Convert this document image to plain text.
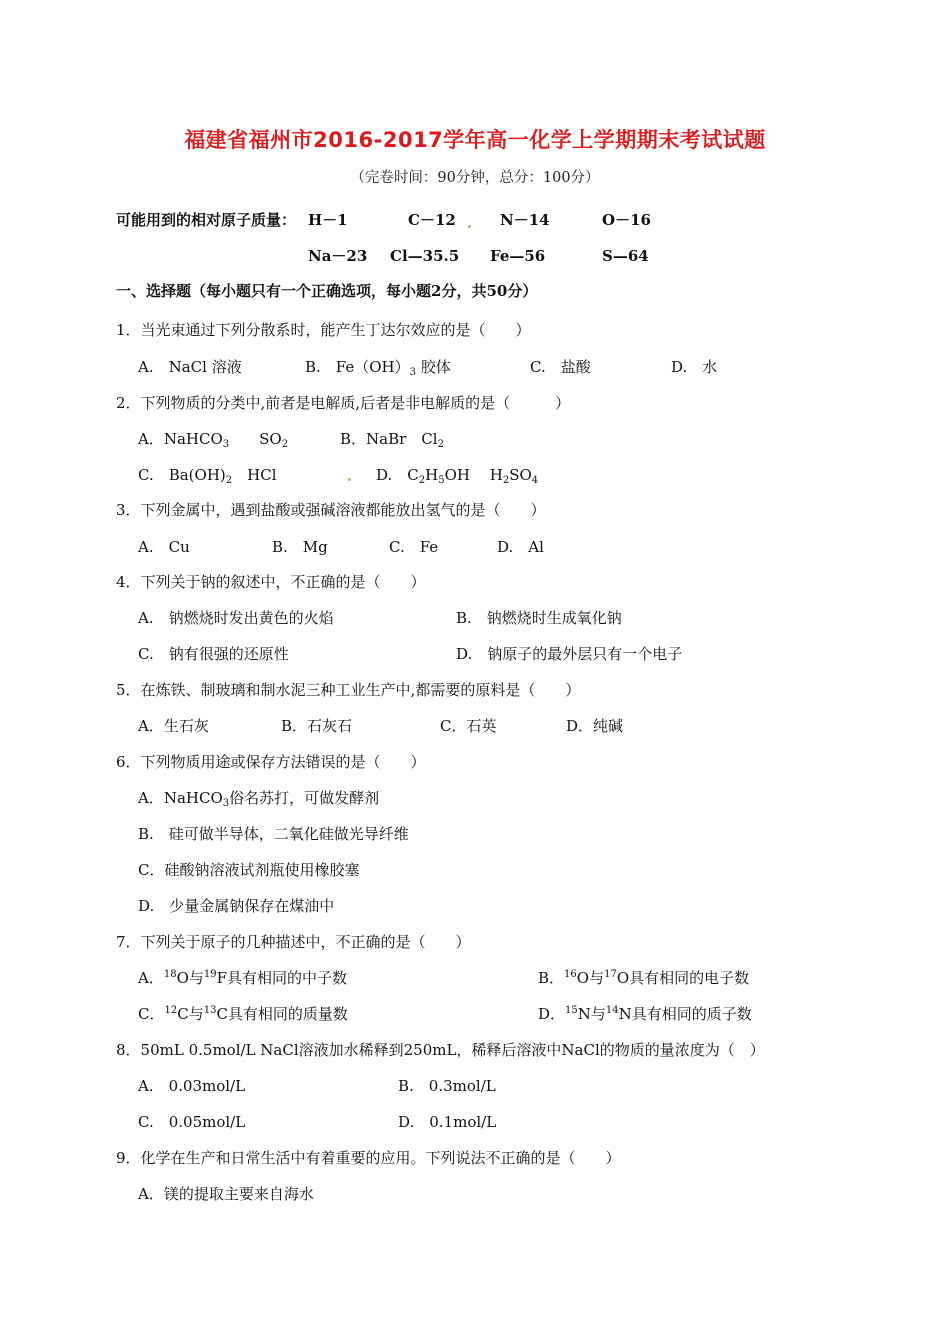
福建省福州市2016-2017学年高一化学上学期期末考试试题
（完卷时间：90分钟，总分：100分）
可能用到的相对原子质量： H－1	C－12	N－14	O－16
Na－23 Cl—35.5 Fe—56	S—64
一、选择题（每小题只有一个正确选项，每小题2分，共50分）
1．当光束通过下列分散系时，能产生丁达尔效应的是（　　）
A.　NaCl 溶液	B.　$Fe(OH)_3$ 胶体	C.　盐酸	D.　水
2．下列物质的分类中,前者是电解质,后者是非电解质的是（　　　）
A．NaHCO$_3$　　 $SO_2$	B．NaBr　$Cl_2$
C.　$Ba(OH)_2$　 HCl	D.　$C_2H_5OH$　 $H_2SO_4$
3．下列金属中，遇到盐酸或强碱溶液都能放出氢气的是（　　）
A.　Cu	B.　Mg	C.　Fe	D.　Al
4．下列关于钠的叙述中，不正确的是（　　）
A.　钠燃烧时发出黄色的火焰	B.　钠燃烧时生成氧化钠
C.　钠有很强的还原性	D.　钠原子的最外层只有一个电子
5．在炼铁、制玻璃和制水泥三种工业生产中,都需要的原料是（　　）
A．生石灰	B．石灰石	C．石英	D．纯碱
6．下列物质用途或保存方法错误的是（　　）
A．NaHCO$_3$俗名苏打，可做发酵剂
B.　硅可做半导体，二氧化硅做光导纤维
C．硅酸钠溶液试剂瓶使用橡胶塞
D.　少量金属钠保存在煤油中
7．下列关于原子的几种描述中，不正确的是（　　）
A．$^{18}$O与$^{19}$F具有相同的中子数	B．$^{16}$O与$^{17}$O具有相同的电子数
C．$^{12}$C与$^{13}$C具有相同的质量数	D．$^{15}$N与$^{14}$N具有相同的质子数
8．50mL 0.5mol/L NaCl溶液加水稀释到250mL，稀释后溶液中NaCl的物质的量浓度为（　）
A.　0.03mol/L	B.　0.3mol/L
C.　0.05mol/L	D.　0.1mol/L
9．化学在生产和日常生活中有着重要的应用。下列说法不正确的是（　　）
A．镁的提取主要来自海水
